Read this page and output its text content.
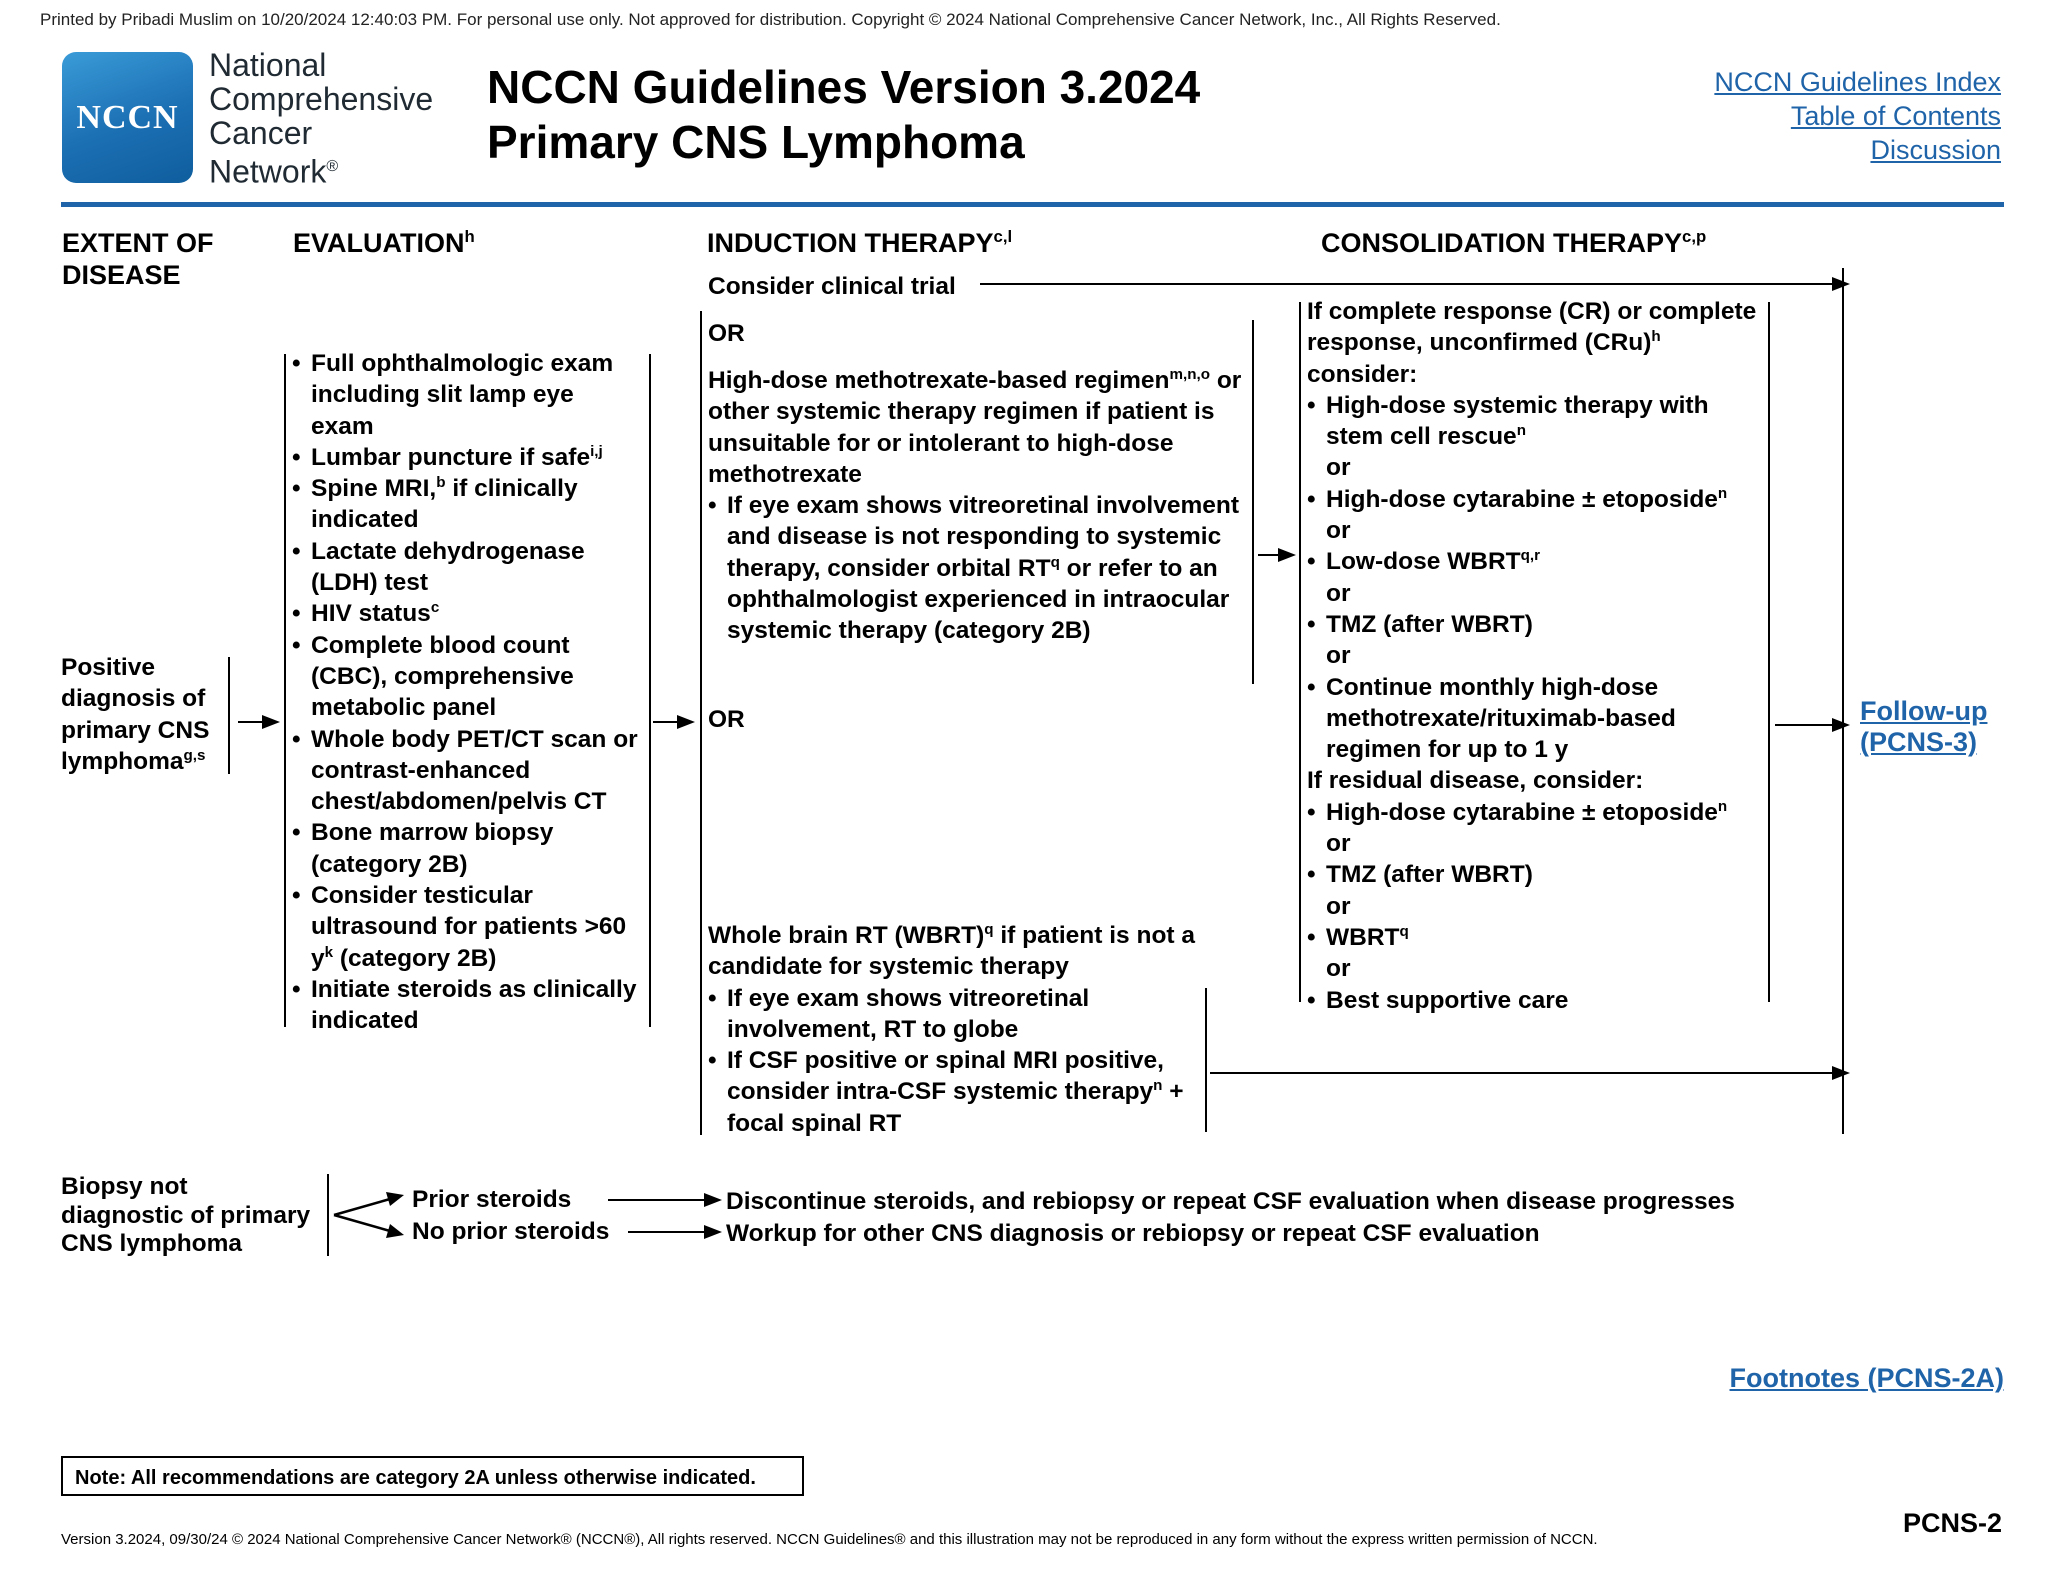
Printed by Pribadi Muslim on 10/20/2024 12:40:03 PM. For personal use only. Not approved for distribution. Copyright © 2024 National Comprehensive Cancer Network, Inc., All Rights Reserved.
NCCN
National
Comprehensive
Cancer
Network®
NCCN Guidelines Version 3.2024
Primary CNS Lymphoma
NCCN Guidelines Index
Table of Contents
Discussion
EXTENT OF
DISEASE
EVALUATION$^h$	INDUCTION THERAPY$^{c,l}$	CONSOLIDATION THERAPY$^{c,p}$
Positive
diagnosis of
primary CNS
lymphoma$^{g,s}$
• Full ophthalmologic exam including slit lamp eye exam
• Lumbar puncture if safe$^{i,j}$
• Spine MRI,$^b$ if clinically indicated
• Lactate dehydrogenase (LDH) test
• HIV status$^c$
• Complete blood count (CBC), comprehensive metabolic panel
• Whole body PET/CT scan or contrast-enhanced chest/abdomen/pelvis CT
• Bone marrow biopsy (category 2B)
• Consider testicular ultrasound for patients >60 $y^k$ (category 2B)
• Initiate steroids as clinically indicated
Consider clinical trial
OR
High-dose methotrexate-based regimen$^{m,n,o}$ or other systemic therapy regimen if patient is unsuitable for or intolerant to high-dose methotrexate
• If eye exam shows vitreoretinal involvement and disease is not responding to systemic therapy, consider orbital $RT^q$ or refer to an ophthalmologist experienced in intraocular systemic therapy (category 2B)
OR
Whole brain RT (WBRT)$^q$ if patient is not a candidate for systemic therapy
• If eye exam shows vitreoretinal involvement, RT to globe
• If CSF positive or spinal MRI positive, consider intra-CSF systemic therapy$^n$ + focal spinal RT
If complete response (CR) or complete response, unconfirmed (CRu)$^h$ consider:
• High-dose systemic therapy with stem cell rescue$^n$
or
• High-dose cytarabine ± etoposide$^n$
or
• Low-dose WBRT$^{q,r}$
or
• TMZ (after WBRT)
or
• Continue monthly high-dose methotrexate/rituximab-based regimen for up to 1 y
If residual disease, consider:
• High-dose cytarabine ± etoposide$^n$
or
• TMZ (after WBRT)
or
• WBRT$^q$
or
• Best supportive care
Follow-up
(PCNS-3)
Biopsy not
diagnostic of primary
CNS lymphoma
Prior steroids
No prior steroids
Discontinue steroids, and rebiopsy or repeat CSF evaluation when disease progresses
Workup for other CNS diagnosis or rebiopsy or repeat CSF evaluation
Footnotes (PCNS-2A)
Note: All recommendations are category 2A unless otherwise indicated.
Version 3.2024, 09/30/24 © 2024 National Comprehensive Cancer Network® (NCCN®), All rights reserved. NCCN Guidelines® and this illustration may not be reproduced in any form without the express written permission of NCCN.
PCNS-2
